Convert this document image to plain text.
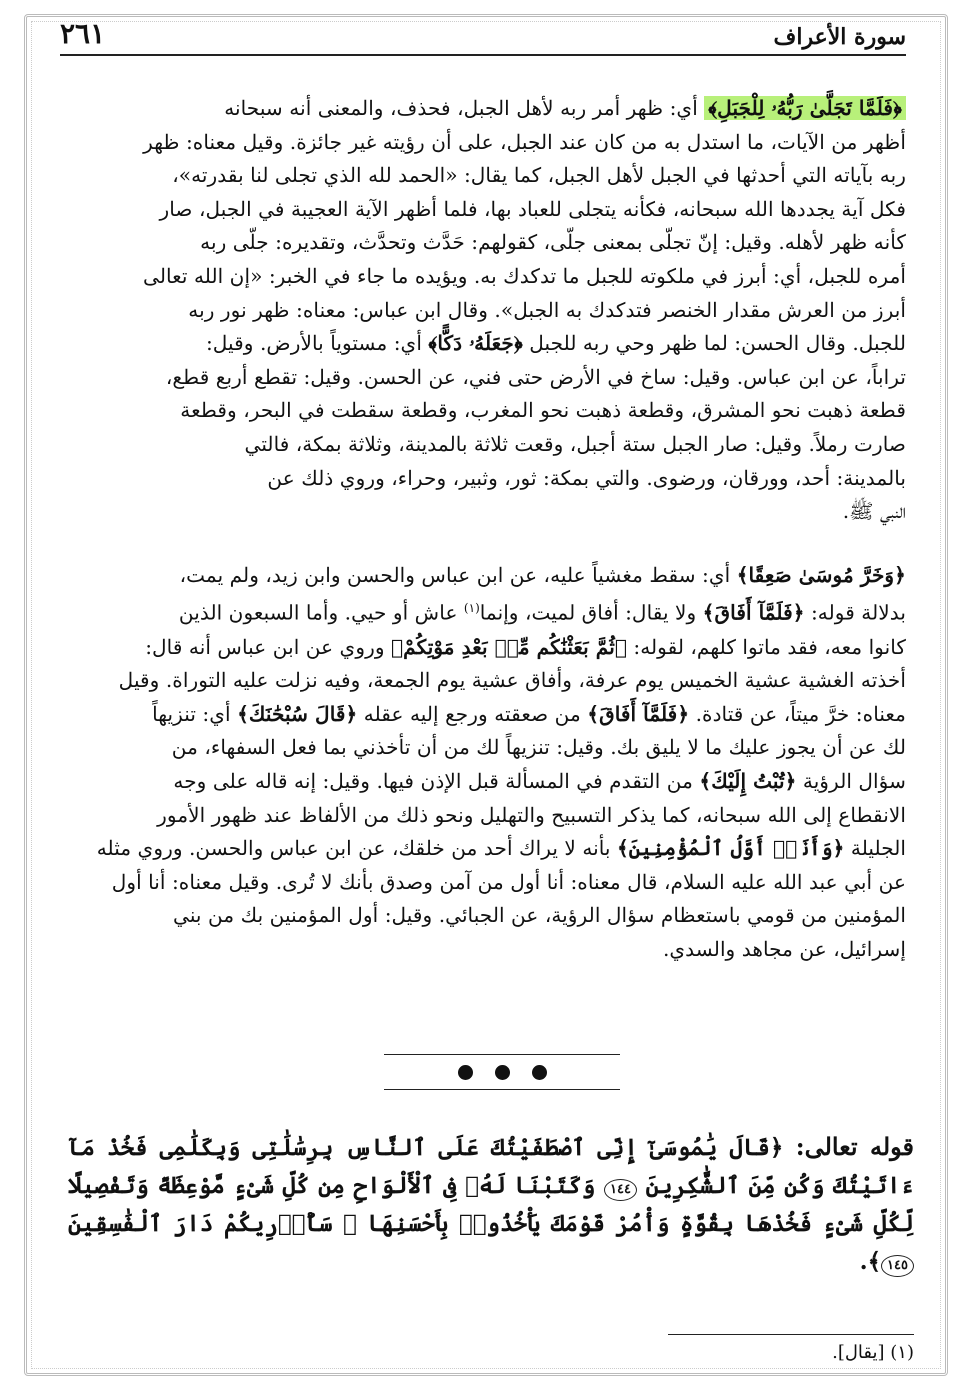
سورة الأعراف
٢٦١

﴿فَلَمَّا تَجَلَّىٰ رَبُّهُۥ لِلْجَبَلِ﴾ أي: ظهر أمر ربه لأهل الجبل، فحذف، والمعنى أنه سبحانه

أظهر من الآيات، ما استدل به من كان عند الجبل، على أن رؤيته غير جائزة. وقيل معناه: ظهر

ربه بآياته التي أحدثها في الجبل لأهل الجبل، كما يقال: «الحمد لله الذي تجلى لنا بقدرته»،

فكل آية يجددها الله سبحانه، فكأنه يتجلى للعباد بها، فلما أظهر الآية العجيبة في الجبل، صار

كأنه ظهر لأهله. وقيل: إنّ تجلّى بمعنى جلّى، كقولهم: حَدَّث وتحدَّث، وتقديره: جلّى ربه

أمره للجبل، أي: أبرز في ملكوته للجبل ما تدكدك به. ويؤيده ما جاء في الخبر: «إن الله تعالى

أبرز من العرش مقدار الخنصر فتدكدك به الجبل». وقال ابن عباس: معناه: ظهر نور ربه

للجبل. وقال الحسن: لما ظهر وحي ربه للجبل ﴿جَعَلَهُۥ دَكًّا﴾ أي: مستوياً بالأرض. وقيل:

تراباً، عن ابن عباس. وقيل: ساخ في الأرض حتى فني، عن الحسن. وقيل: تقطع أربع قطع،

قطعة ذهبت نحو المشرق، وقطعة ذهبت نحو المغرب، وقطعة سقطت في البحر، وقطعة

صارت رملاً. وقيل: صار الجبل ستة أجبل، وقعت ثلاثة بالمدينة، وثلاثة بمكة، فالتي

بالمدينة: أحد، وورقان، ورضوى. والتي بمكة: ثور، وثبير، وحراء، وروي ذلك عن

النبي ﷺ.

﴿وَخَرَّ مُوسَىٰ صَعِقًا﴾ أي: سقط مغشياً عليه، عن ابن عباس والحسن وابن زيد، ولم يمت،

بدلالة قوله: ﴿فَلَمَّآ أَفَاقَ﴾ ولا يقال: أفاق لميت، وإنما$^{(١)}$ عاش أو حيي. وأما السبعون الذين

كانوا معه، فقد ماتوا كلهم، لقوله: ﴿ثُمَّ بَعَثْنَٰكُم مِّنۢ بَعْدِ مَوْتِكُمْ﴾ وروي عن ابن عباس أنه قال:

أخذته الغشية عشية الخميس يوم عرفة، وأفاق عشية يوم الجمعة، وفيه نزلت عليه التوراة. وقيل

معناه: خرَّ ميتاً، عن قتادة. ﴿فَلَمَّآ أَفَاقَ﴾ من صعقته ورجع إليه عقله ﴿قَالَ سُبْحَٰنَكَ﴾ أي: تنزيهاً

لك عن أن يجوز عليك ما لا يليق بك. وقيل: تنزيهاً لك من أن تأخذني بما فعل السفهاء، من

سؤال الرؤية ﴿تُبْتُ إِلَيْكَ﴾ من التقدم في المسألة قبل الإذن فيها. وقيل: إنه قاله على وجه

الانقطاع إلى الله سبحانه، كما يذكر التسبيح والتهليل ونحو ذلك من الألفاظ عند ظهور الأمور

الجليلة ﴿وَأَنَا۠ أَوَّلُ ٱلْمُؤْمِنِينَ﴾ بأنه لا يراك أحد من خلقك، عن ابن عباس والحسن. وروي مثله

عن أبي عبد الله عليه السلام، قال معناه: أنا أول من آمن وصدق بأنك لا تُرى. وقيل معناه: أنا أول

المؤمنين من قومي باستعظام سؤال الرؤية، عن الجبائي. وقيل: أول المؤمنين بك من بني

إسرائيل، عن مجاهد والسدي.

قوله تعالى: ﴿قَالَ يَٰمُوسَىٰٓ إِنِّى ٱصْطَفَيْتُكَ عَلَى ٱلنَّاسِ بِرِسَٰلَٰتِى وَبِكَلَٰمِى فَخُذْ مَآ ءَاتَيْتُكَ وَكُن مِّنَ ٱلشَّٰكِرِينَ ١٤٤ وَكَتَبْنَا لَهُۥ فِى ٱلْأَلْوَاحِ مِن كُلِّ شَىْءٍ مَّوْعِظَةً وَتَفْصِيلًا لِّكُلِّ شَىْءٍ فَخُذْهَا بِقُوَّةٍ وَأْمُرْ قَوْمَكَ يَأْخُذُوا۟ بِأَحْسَنِهَا ۚ سَأُو۟رِيكُمْ دَارَ ٱلْفَٰسِقِينَ ١٤٥﴾.
(١) [يقال].
